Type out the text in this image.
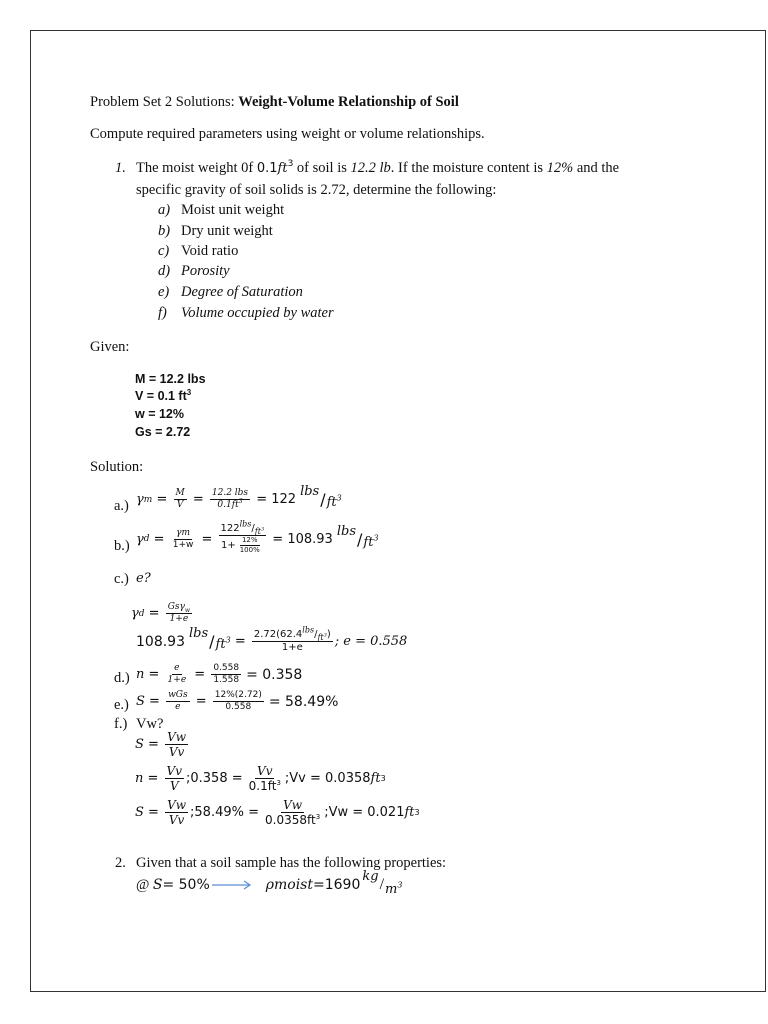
Problem Set 2 Solutions: Weight-Volume Relationship of Soil
Compute required parameters using weight or volume relationships.
1. The moist weight 0f $0.1ft^3$ of soil is 12.2 lb. If the moisture content is 12% and the
specific gravity of soil solids is 2.72, determine the following:
a) Moist unit weight
b) Dry unit weight
c) Void ratio
d) Porosity
e) Degree of Saturation
f) Volume occupied by water
Given:
M = 12.2 lbs
V = 0.1 $ft^3$
w = 12%
Gs = 2.72
Solution:
a.) γ $m = \frac{M}{V} = \frac{\text{12.2 lbs}}{0.1ft^3} = 122$
lbs / $ft^3$
b.) γ $d = \frac{\gamma m}{1+w} = \frac{122^{lbs}/_{ft^3}}{1+ \frac{12\%}{100\%}} = 108.93$
lbs / $ft^3$
c.) e?
γ $d = \frac{Gs\gamma_w}{1+e}$
108.93 lbs / $ft^3 = \frac{2.72(62.4^{lbs}/_{ft^3})}{1+e}$ ; e = 0.558
d.) $n = \frac{e}{1+e} = \frac{0.558}{1.558} = 0.358$
e.) $S = \frac{\text{wGs}}{e} = \frac{12\%(2.72)}{0.558} = 58.49\%$
f.) Vw?
$S = \frac{Vw}{Vv}$
$n = \frac{Vv}{V}$ ;0.358 = $\frac{Vv}{0.1ft^3}$ ;Vv = 0.0358 ft 3
$S = \frac{Vw}{Vv}$ ;58.49% = $\frac{Vw}{0.0358ft^3}$ ;Vw = 0.021 ft 3
2. Given that a soil sample has the following properties:
@
S = 50%	ρmoist =1690
kg / $m^3$
